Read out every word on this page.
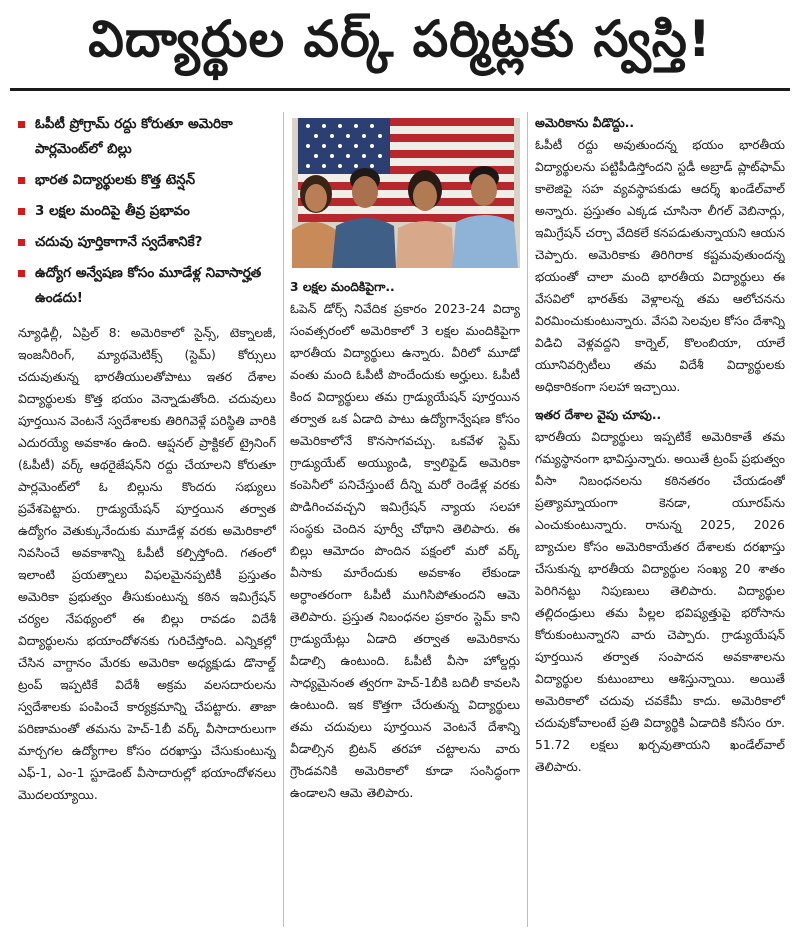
విద్యార్థుల వర్క్ పర్మిట్లకు స్వస్తి!
ఓపీటీ ప్రోగ్రామ్ రద్దు కోరుతూ అమెరికా పార్లమెంట్‌లో బిల్లు
భారత విద్యార్థులకు కొత్త టెన్షన్
3 లక్షల మందిపై తీవ్ర ప్రభావం
చదువు పూర్తికాగానే స్వదేశానికే?
ఉద్యోగ అన్వేషణ కోసం మూడేళ్ల నివాసార్హత ఉండదు!

న్యూఢిల్లీ, ఏప్రిల్ 8: అమెరికాలో సైన్స్, టెక్నాలజీ, ఇంజనీరింగ్, మ్యాథమెటిక్స్ (స్టెమ్) కోర్సులు చదువుతున్న భారతీయులతోపాటు ఇతర దేశాల విద్యార్థులకు కొత్త భయం వెన్నాడుతోంది. చదువులు పూర్తయిన వెంటనే స్వదేశాలకు తిరిగివెళ్లే పరిస్థితి వారికి ఎదురయ్యే అవకాశం ఉంది. ఆప్షనల్ ప్రాక్టికల్ ట్రైనింగ్ (ఓపీటీ) వర్క్ ఆథరైజేషన్‌ని రద్దు చేయాలని కోరుతూ పార్లమెంట్‌లో ఓ బిల్లును కొందరు సభ్యులు ప్రవేశపెట్టారు. గ్రాడ్యుయేషన్ పూర్తయిన తర్వాత ఉద్యోగం వెతుక్కునేందుకు మూడేళ్ల వరకు అమెరికాలో నివసించే అవకాశాన్ని ఓపీటీ కల్పిస్తోంది. గతంలో ఇలాంటి ప్రయత్నాలు విఫలమైనప్పటికీ ప్రస్తుతం అమెరికా ప్రభుత్వం తీసుకుంటున్న కఠిన ఇమిగ్రేషన్ చర్యల నేపథ్యంలో ఈ బిల్లు రావడం విదేశీ విద్యార్థులను భయాందోళనకు గురిచేస్తోంది. ఎన్నికల్లో చేసిన వాగ్దానం మేరకు అమెరికా అధ్యక్షుడు డొనాల్డ్ ట్రంప్ ఇప్పటికే విదేశీ అక్రమ వలసదారులను స్వదేశాలకు పంపించే కార్యక్రమాన్ని చేపట్టారు. తాజా పరిణామంతో తమను హెచ్-1బీ వర్క్ వీసాదారులుగా మార్చగల ఉద్యోగాల కోసం దరఖాస్తు చేసుకుంటున్న ఎఫ్-1, ఎం-1 స్టూడెంట్ వీసాదారుల్లో భయాందోళనలు మొదలయ్యాయి.

3 లక్షల మందికిపైగా..

ఓపెన్ డోర్స్ నివేదిక ప్రకారం 2023-24 విద్యా సంవత్సరంలో అమెరికాలో 3 లక్షల మందికిపైగా భారతీయ విద్యార్థులు ఉన్నారు. వీరిలో మూడో వంతు మంది ఓపీటీ పొందేందుకు అర్హులు. ఓపీటీ కింద విద్యార్థులు తమ గ్రాడ్యుయేషన్ పూర్తయిన తర్వాత ఒక ఏడాది పాటు ఉద్యోగాన్వేషణ కోసం అమెరికాలోనే కొనసాగవచ్చు. ఒకవేళ స్టెమ్ గ్రాడ్యుయేట్ అయ్యుండి, క్వాలిఫైడ్ అమెరికా కంపెనీలో పనిచేస్తుంటే దీన్ని మరో రెండేళ్ల వరకు పొడిగించవచ్చని ఇమిగ్రేషన్ న్యాయ సలహా సంస్థకు చెందిన పూర్వీ చోథాని తెలిపారు. ఈ బిల్లు ఆమోదం పొందిన పక్షంలో మరో వర్క్ వీసాకు మారేందుకు అవకాశం లేకుండా అర్ధాంతరంగా ఓపీటీ ముగిసిపోతుందని ఆమె తెలిపారు. ప్రస్తుత నిబంధనల ప్రకారం స్టెమ్ కాని గ్రాడ్యుయేట్లు ఏడాది తర్వాత అమెరికాను వీడాల్సి ఉంటుంది. ఓపీటీ వీసా హోల్డర్లు సాధ్యమైనంత త్వరగా హెచ్-1బీకి బదిలీ కావలసి ఉంటుంది. ఇక కొత్తగా చేరుతున్న విద్యార్థులు తమ చదువులు పూర్తయిన వెంటనే దేశాన్ని వీడాల్సిన బ్రిటన్ తరహా చట్టాలను వారు గ్రౌండవనికి అమెరికాలో కూడా సంసిద్ధంగా ఉండాలని ఆమె తెలిపారు.

అమెరికాను వీడొద్దు..

ఓపీటీ రద్దు అవుతుందన్న భయం భారతీయ విద్యార్థులను పట్టిపీడిస్తోందని స్టడీ అబ్రాడ్ ప్లాట్‌ఫామ్ కాలెజిఫై సహ వ్యవస్థాపకుడు ఆదర్శ్ ఖండేల్‌వాల్ అన్నారు. ప్రస్తుతం ఎక్కడ చూసినా లీగల్ వెబినార్లు, ఇమిగ్రేషన్ చర్చా వేదికలే కనపడుతున్నాయని ఆయన చెప్పారు. అమెరికాకు తిరిగిరాక కష్టమవుతుందన్న భయంతో చాలా మంది భారతీయ విద్యార్థులు ఈ వేసవిలో భారత్‌కు వెళ్లాలన్న తమ ఆలోచనను విరమించుకుంటున్నారు. వేసవి సెలవుల కోసం దేశాన్ని విడిచి వెళ్లవద్దని కార్నెల్, కొలంబియా, యాలే యూనివర్సిటీలు తమ విదేశీ విద్యార్థులకు అధికారికంగా సలహా ఇచ్చాయి.

ఇతర దేశాల వైపు చూపు..

భారతీయ విద్యార్థులు ఇప్పటికే అమెరికాతే తమ గమ్యస్థానంగా భావిస్తున్నారు. అయితే ట్రంప్ ప్రభుత్వం వీసా నిబంధనలను కఠినతరం చేయడంతో ప్రత్యామ్నాయంగా కెనడా, యూరప్‌ను ఎంచుకుంటున్నారు. రానున్న 2025, 2026 బ్యాచుల కోసం అమెరికాయేతర దేశాలకు దరఖాస్తు చేసుకున్న భారతీయ విద్యార్థుల సంఖ్య 20 శాతం పెరిగినట్టు నిపుణులు తెలిపారు. విద్యార్థుల తల్లిదండ్రులు తమ పిల్లల భవిష్యత్తుపై భరోసాను కోరుకుంటున్నారని వారు చెప్పారు. గ్రాడ్యుయేషన్ పూర్తయిన తర్వాత సంపాదన అవకాశాలను విద్యార్థుల కుటుంబాలు ఆశిస్తున్నాయి. అయితే అమెరికాలో చదువు చవకేమీ కాదు. అమెరికాలో చదువుకోవాలంటే ప్రతి విద్యార్థికి ఏడాదికి కనీసం రూ. 51.72 లక్షలు ఖర్చవుతాయని ఖండేల్‌వాల్ తెలిపారు.
